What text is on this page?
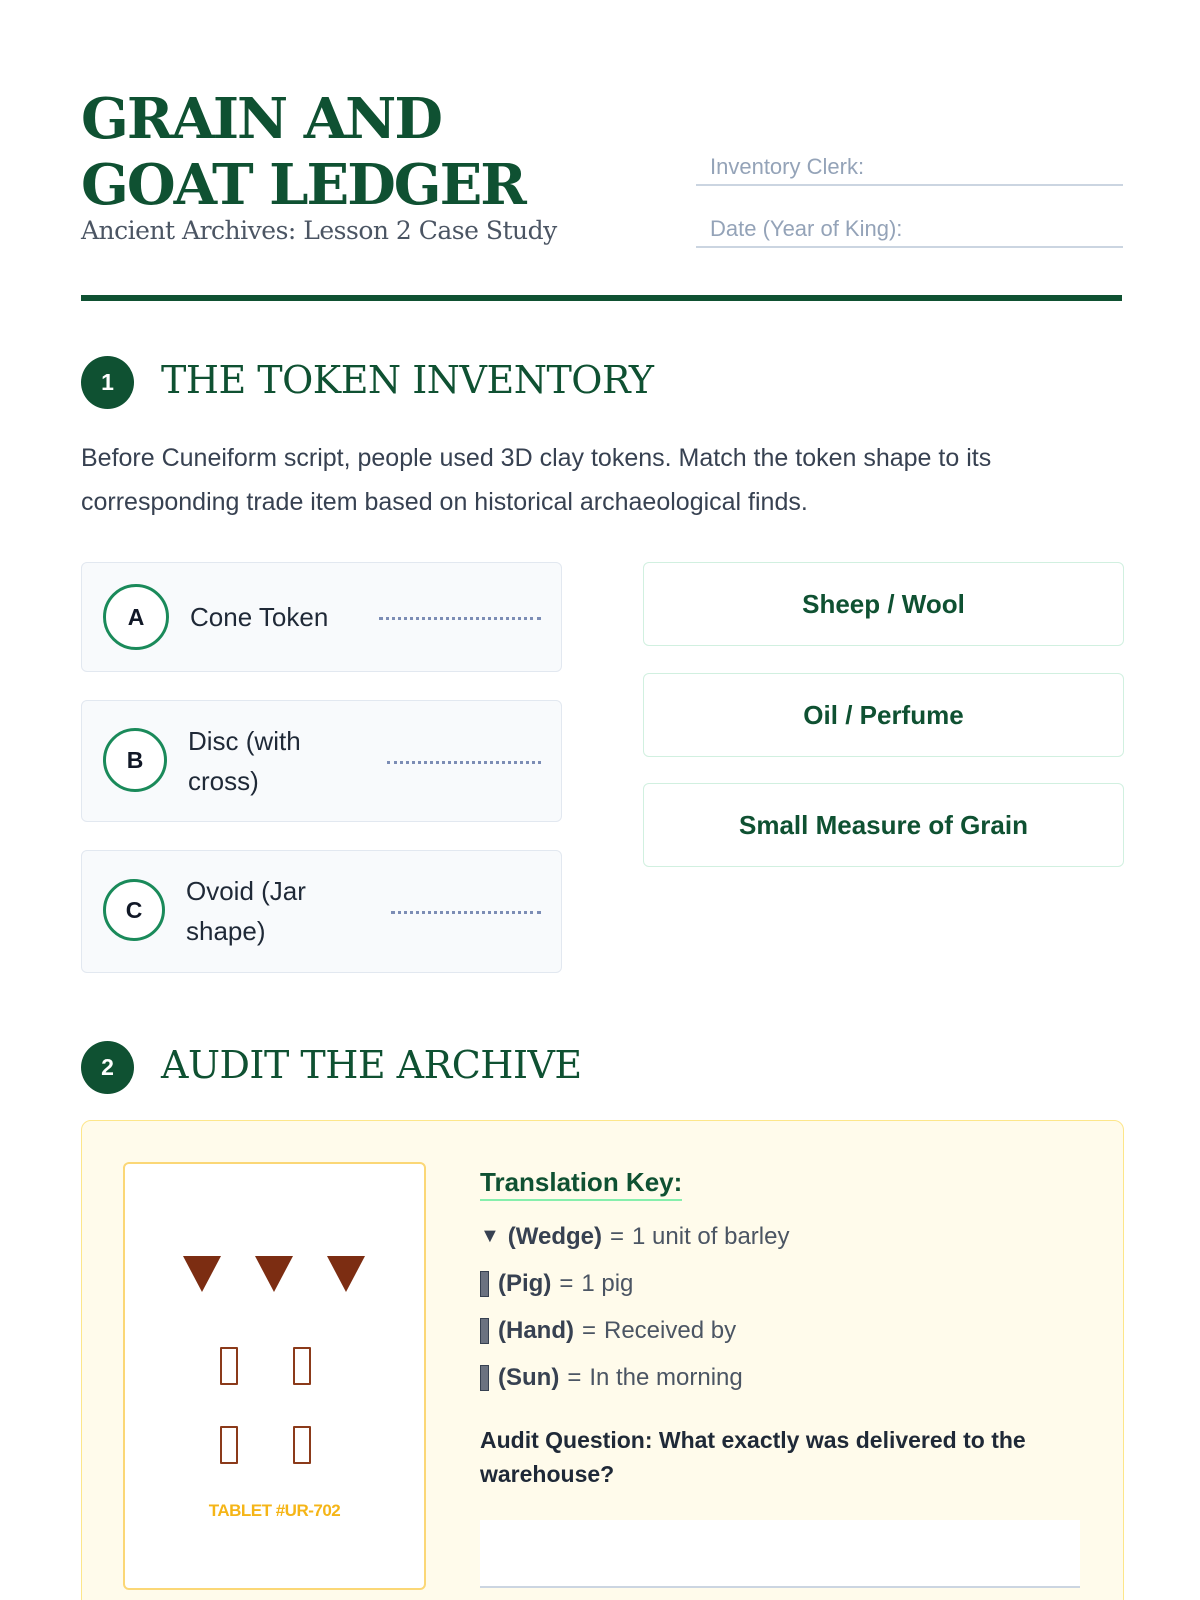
GRAIN AND GOAT LEDGER
Ancient Archives: Lesson 2 Case Study
Inventory Clerk:
Date (Year of King):
1	THE TOKEN INVENTORY
Before Cuneiform script, people used 3D clay tokens. Match the token shape to its corresponding trade item based on historical archaeological finds.
A	Cone Token
B
Disc (with cross)
C
Ovoid (Jar shape)
Sheep / Wool
Oil / Perfume
Small Measure of Grain
2	AUDIT THE ARCHIVE
TABLET #UR-702
Translation Key:
▼ (Wedge) = 1 unit of barley
(Pig) = 1 pig
(Hand) = Received by
(Sun) = In the morning
Audit Question: What exactly was delivered to the warehouse?
